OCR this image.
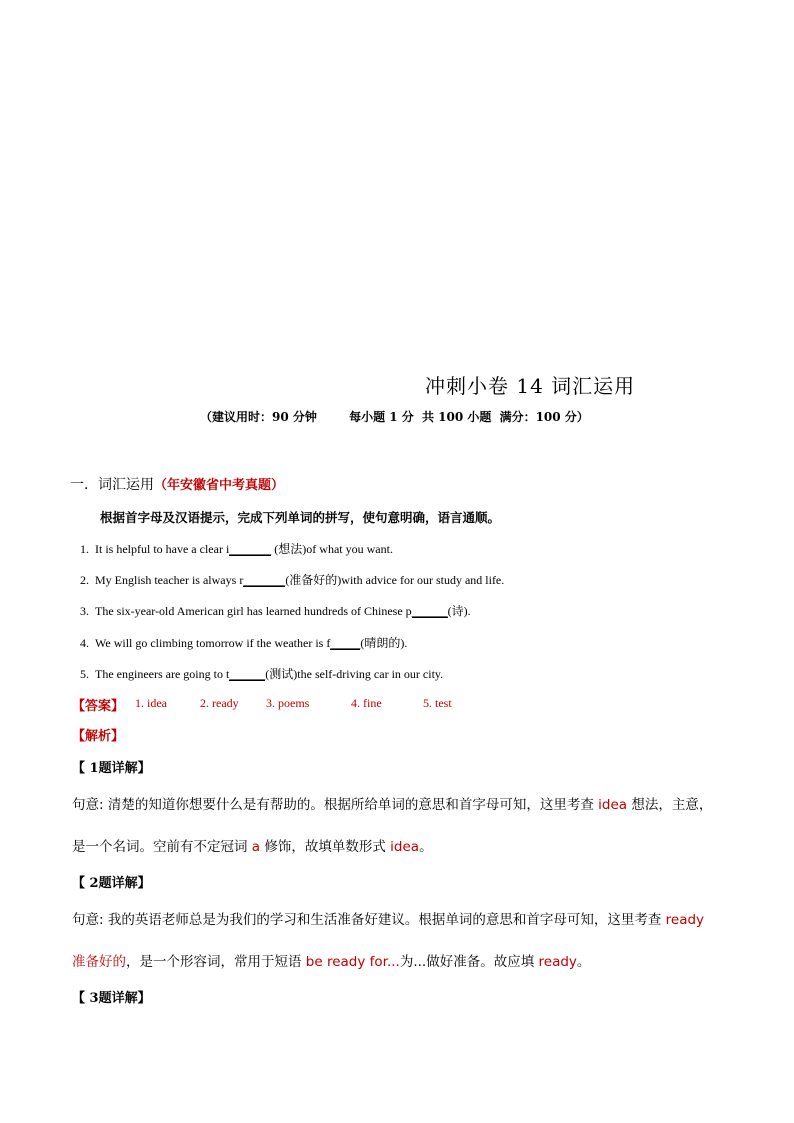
冲刺小卷 14 词汇运用
（建议用时：90 分钟	每小题 1 分 共 100 小题 满分：100 分）
一．词汇运用（年安徽省中考真题）
根据首字母及汉语提示，完成下列单词的拼写，使句意明确，语言通顺。
1. It is helpful to have a clear i_______ (想法)of what you want.
2. My English teacher is always r_______(准备好的)with advice for our study and life.
3. The six-year-old American girl has learned hundreds of Chinese p______(诗).
4. We will go climbing tomorrow if the weather is f_____(晴朗的).
5. The engineers are going to t______(测试)the self-driving car in our city.
【答案】 1. idea	2. ready 3. poems	4. fine	5. test
【解析】
【 1题详解】
句意: 清楚的知道你想要什么是有帮助的。根据所给单词的意思和首字母可知，这里考查 idea 想法，主意，
是一个名词。空前有不定冠词 a 修饰，故填单数形式 idea。
【 2题详解】
句意: 我的英语老师总是为我们的学习和生活准备好建议。根据单词的意思和首字母可知，这里考查 ready
准备好的，是一个形容词，常用于短语 be ready for...为...做好准备。故应填 ready。
【 3题详解】
